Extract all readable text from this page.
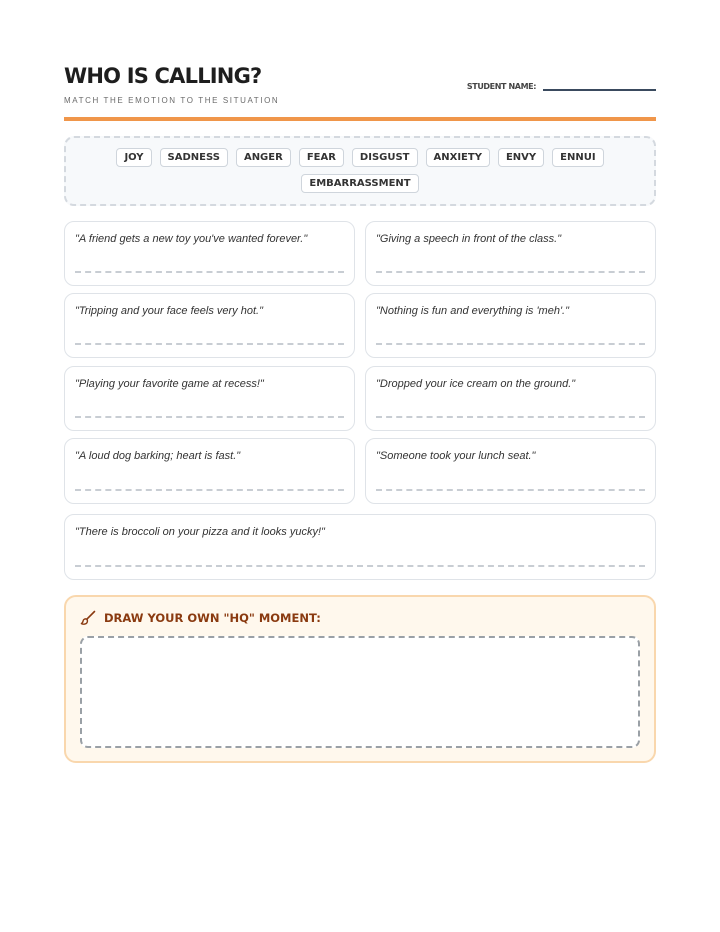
WHO IS CALLING?
MATCH THE EMOTION TO THE SITUATION
STUDENT NAME:
JOY	SADNESS	ANGER	FEAR	DISGUST	ANXIETY	ENVY	ENNUI
EMBARRASSMENT
"A friend gets a new toy you've wanted forever."	"Giving a speech in front of the class."
"Tripping and your face feels very hot."	"Nothing is fun and everything is 'meh'."
"Playing your favorite game at recess!"	"Dropped your ice cream on the ground."
"A loud dog barking; heart is fast."	"Someone took your lunch seat."
"There is broccoli on your pizza and it looks yucky!"
DRAW YOUR OWN "HQ" MOMENT:
